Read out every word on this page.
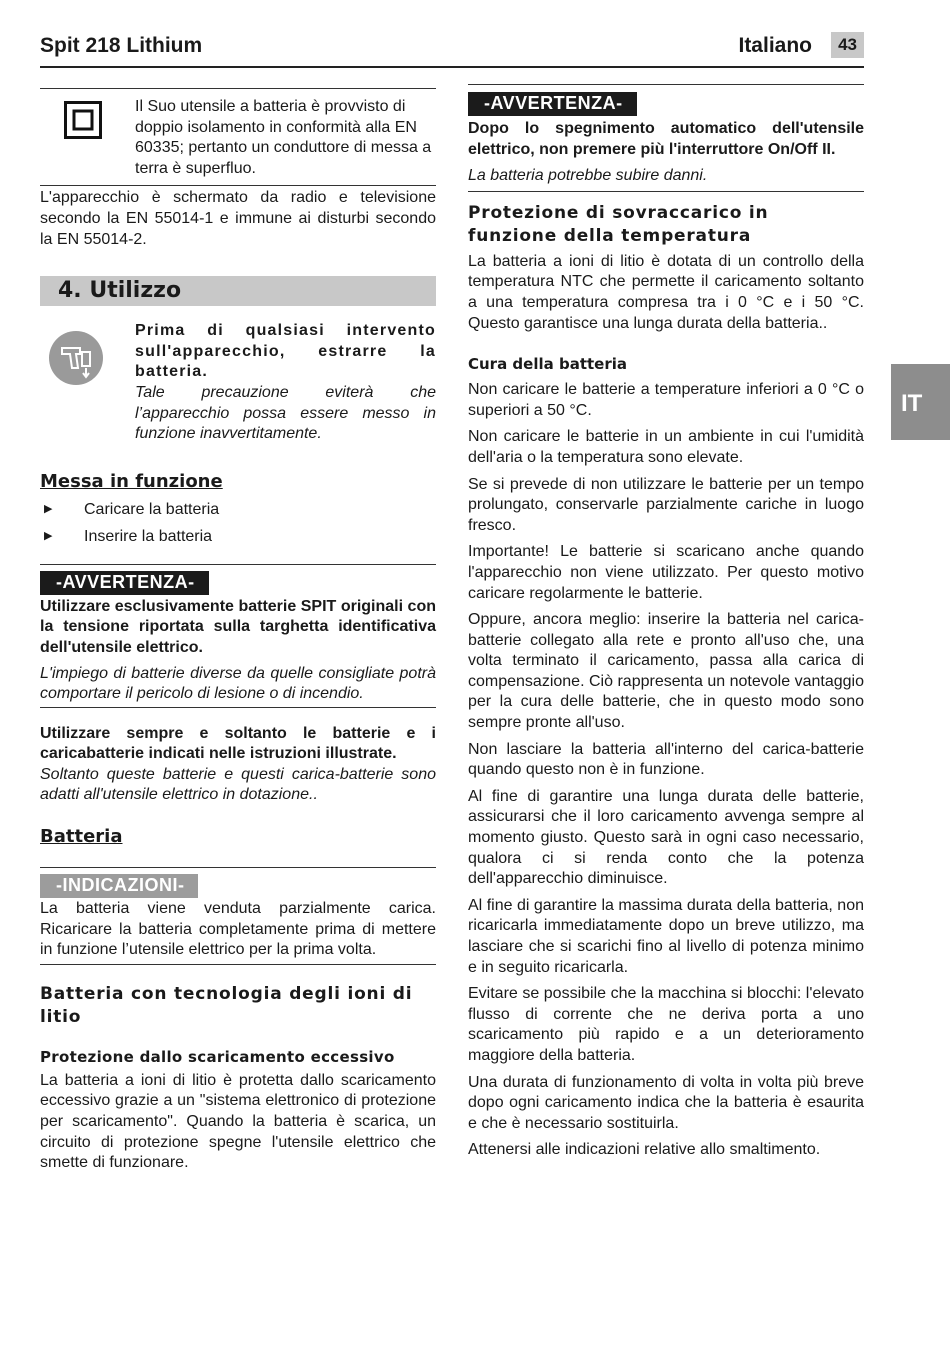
Spit 218 Lithium	Italiano	43
IT

Il Suo utensile a batteria è provvisto di doppio isolamento in conformità alla EN 60335; pertanto un conduttore di messa a terra è superfluo.

L'apparecchio è schermato da radio e televisione secondo la EN 55014-1 e immune ai disturbi secondo la EN 55014-2.

4. Utilizzo

Prima di qualsiasi intervento sull'apparecchio, estrarre la batteria.

Tale precauzione eviterà che l’apparecchio possa essere messo in funzione inavvertitamente.

Messa in funzione
▶ Caricare la batteria
▶ Inserire la batteria
-AVVERTENZA-

Utilizzare esclusivamente batterie SPIT originali con la tensione riportata sulla targhetta identificativa dell'utensile elettrico.

L'impiego di batterie diverse da quelle consigliate potrà comportare il pericolo di lesione o di incendio.

Utilizzare sempre e soltanto le batterie e i caricabatterie indicati nelle istruzioni illustrate.

Soltanto queste batterie e questi carica-batterie sono adatti all'utensile elettrico in dotazione..

Batteria
-INDICAZIONI-

La batteria viene venduta parzialmente carica. Ricaricare la batteria completamente prima di mettere in funzione l’utensile elettrico per la prima volta.

Batteria con tecnologia degli ioni di litio
Protezione dallo scaricamento eccessivo

La batteria a ioni di litio è protetta dallo scaricamento eccessivo grazie a un "sistema elettronico di protezione per scaricamento". Quando la batteria è scarica, un circuito di protezione spegne l'utensile elettrico che smette di funzionare.

-AVVERTENZA-

Dopo lo spegnimento automatico dell'utensile elettrico, non premere più l'interruttore On/Off II.

La batteria potrebbe subire danni.

Protezione di sovraccarico in funzione della temperatura

La batteria a ioni di litio è dotata di un controllo della temperatura NTC che permette il caricamento soltanto a una temperatura compresa tra i 0 °C e i 50 °C. Questo garantisce una lunga durata della batteria..

Cura della batteria

Non caricare le batterie a temperature inferiori a 0 °C o superiori a 50 °C.

Non caricare le batterie in un ambiente in cui l'umidità dell'aria o la temperatura sono elevate.

Se si prevede di non utilizzare le batterie per un tempo prolungato, conservarle parzialmente cariche in luogo fresco.

Importante! Le batterie si scaricano anche quando l'apparecchio non viene utilizzato. Per questo motivo caricare regolarmente le batterie.

Oppure, ancora meglio: inserire la batteria nel carica-batterie collegato alla rete e pronto all'uso che, una volta terminato il caricamento, passa alla carica di compensazione. Ciò rappresenta un notevole vantaggio per la cura delle batterie, che in questo modo sono sempre pronte all'uso.

Non lasciare la batteria all'interno del carica-batterie quando questo non è in funzione.

Al fine di garantire una lunga durata delle batterie, assicurarsi che il loro caricamento avvenga sempre al momento giusto. Questo sarà in ogni caso necessario, qualora ci si renda conto che la potenza dell'apparecchio diminuisce.

Al fine di garantire la massima durata della batteria, non ricaricarla immediatamente dopo un breve utilizzo, ma lasciare che si scarichi fino al livello di potenza minimo e in seguito ricaricarla.

Evitare se possibile che la macchina si blocchi: l'elevato flusso di corrente che ne deriva porta a uno scaricamento più rapido e a un deterioramento maggiore della batteria.

Una durata di funzionamento di volta in volta più breve dopo ogni caricamento indica che la batteria è esaurita e che è necessario sostituirla.

Attenersi alle indicazioni relative allo smaltimento.
